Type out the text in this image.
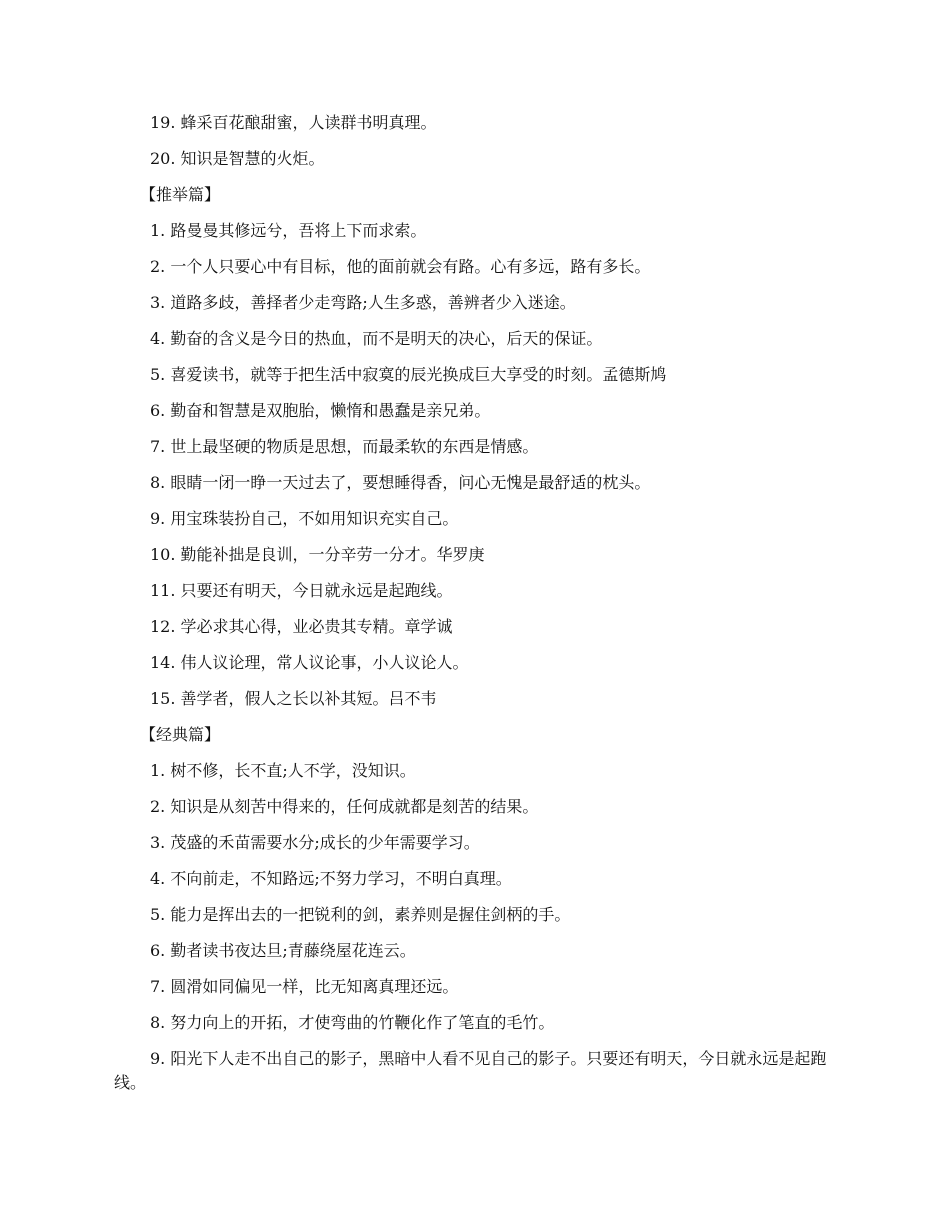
19. 蜂采百花酿甜蜜，人读群书明真理。
20. 知识是智慧的火炬。
【推举篇】
1. 路曼曼其修远兮，吾将上下而求索。
2. 一个人只要心中有目标，他的面前就会有路。心有多远，路有多长。
3. 道路多歧，善择者少走弯路;人生多惑，善辨者少入迷途。
4. 勤奋的含义是今日的热血，而不是明天的决心，后天的保证。
5. 喜爱读书，就等于把生活中寂寞的辰光换成巨大享受的时刻。孟德斯鸠
6. 勤奋和智慧是双胞胎，懒惰和愚蠢是亲兄弟。
7. 世上最坚硬的物质是思想，而最柔软的东西是情感。
8. 眼睛一闭一睁一天过去了，要想睡得香，问心无愧是最舒适的枕头。
9. 用宝珠装扮自己，不如用知识充实自己。
10. 勤能补拙是良训，一分辛劳一分才。华罗庚
11. 只要还有明天，今日就永远是起跑线。
12. 学必求其心得，业必贵其专精。章学诚
14. 伟人议论理，常人议论事，小人议论人。
15. 善学者，假人之长以补其短。吕不韦
【经典篇】
1. 树不修，长不直;人不学，没知识。
2. 知识是从刻苦中得来的，任何成就都是刻苦的结果。
3. 茂盛的禾苗需要水分;成长的少年需要学习。
4. 不向前走，不知路远;不努力学习，不明白真理。
5. 能力是挥出去的一把锐利的剑，素养则是握住剑柄的手。
6. 勤者读书夜达旦;青藤绕屋花连云。
7. 圆滑如同偏见一样，比无知离真理还远。
8. 努力向上的开拓，才使弯曲的竹鞭化作了笔直的毛竹。
9. 阳光下人走不出自己的影子，黑暗中人看不见自己的影子。只要还有明天，今日就永远是起跑线。
